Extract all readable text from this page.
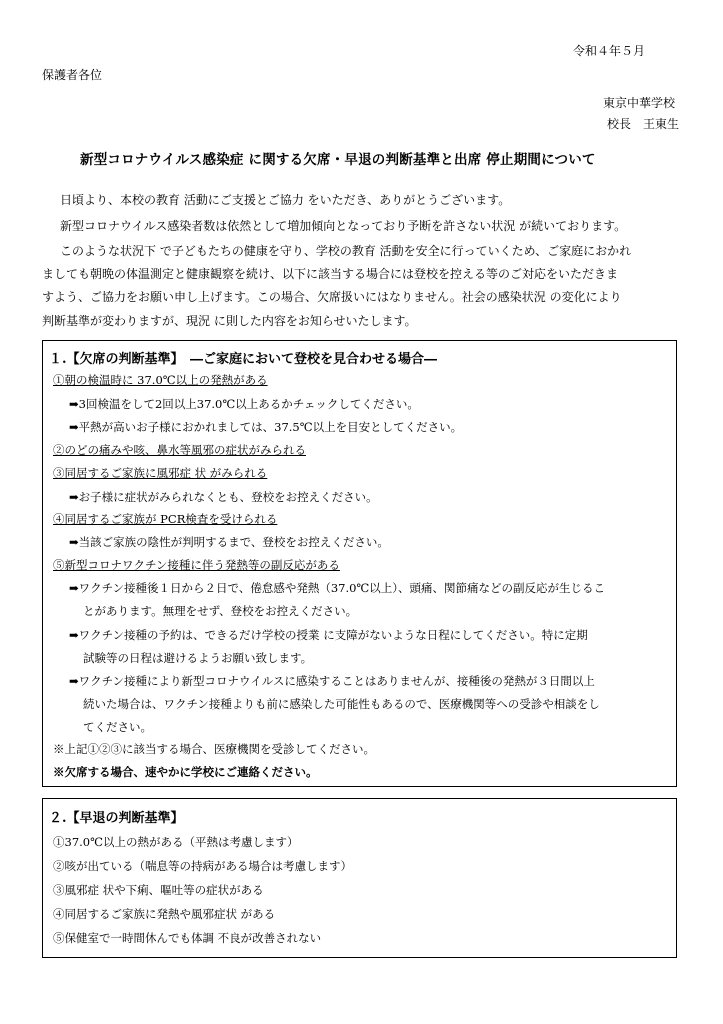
令和４年５月
保護者各位
東京中華学校
校長　王東生
新型コロナウイルス感染症 に関する欠席・早退の判断基準と出席 停止期間について

日頃より、本校の教育 活動にご支援とご協力 をいただき、ありがとうございます。

新型コロナウイルス感染者数は依然として増加傾向となっており予断を許さない状況 が続いております。

このような状況下 で子どもたちの健康を守り、学校の教育 活動を安全に行っていくため、ご家庭におかれ

ましても朝晩の体温測定と健康観察を続け、以下に該当する場合には登校を控える等のご対応をいただきま

すよう、ご協力をお願い申し上げます。この場合、欠席扱いにはなりません。社会の感染状況 の変化により

判断基準が変わりますが、現況 に則した内容をお知らせいたします。

１.【欠席の判断基準】　―ご家庭において登校を見合わせる場合―
①朝の検温時に 37.0℃以上の発熱がある
➡3回検温をして2回以上37.0℃以上あるかチェックしてください。
➡平熱が高いお子様におかれましては、37.5℃以上を目安としてください。
②のどの痛みや咳、鼻水等風邪の症状がみられる
③同居するご家族に風邪症 状 がみられる
➡お子様に症状がみられなくとも、登校をお控えください。
④同居するご家族が PCR検査を受けられる
➡当該ご家族の陰性が判明するまで、登校をお控えください。
⑤新型コロナワクチン接種に伴う発熱等の副反応がある
➡ワクチン接種後１日から２日で、倦怠感や発熱（37.0℃以上）、頭痛、関節痛などの副反応が生じるこ
とがあります。無理をせず、登校をお控えください。
➡ワクチン接種の予約は、できるだけ学校の授業 に支障がないような日程にしてください。特に定期
試験等の日程は避けるようお願い致します。
➡ワクチン接種により新型コロナウイルスに感染することはありませんが、接種後の発熱が３日間以上
続いた場合は、ワクチン接種よりも前に感染した可能性もあるので、医療機関等への受診や相談をし
てください。
※上記①②③に該当する場合、医療機関を受診してください。
※欠席する場合、速やかに学校にご連絡ください。
２.【早退の判断基準】
①37.0℃以上の熱がある（平熱は考慮します）
②咳が出ている（喘息等の持病がある場合は考慮します）
③風邪症 状や下痢、嘔吐等の症状がある
④同居するご家族に発熱や風邪症状 がある
⑤保健室で一時間休んでも体調 不良が改善されない
